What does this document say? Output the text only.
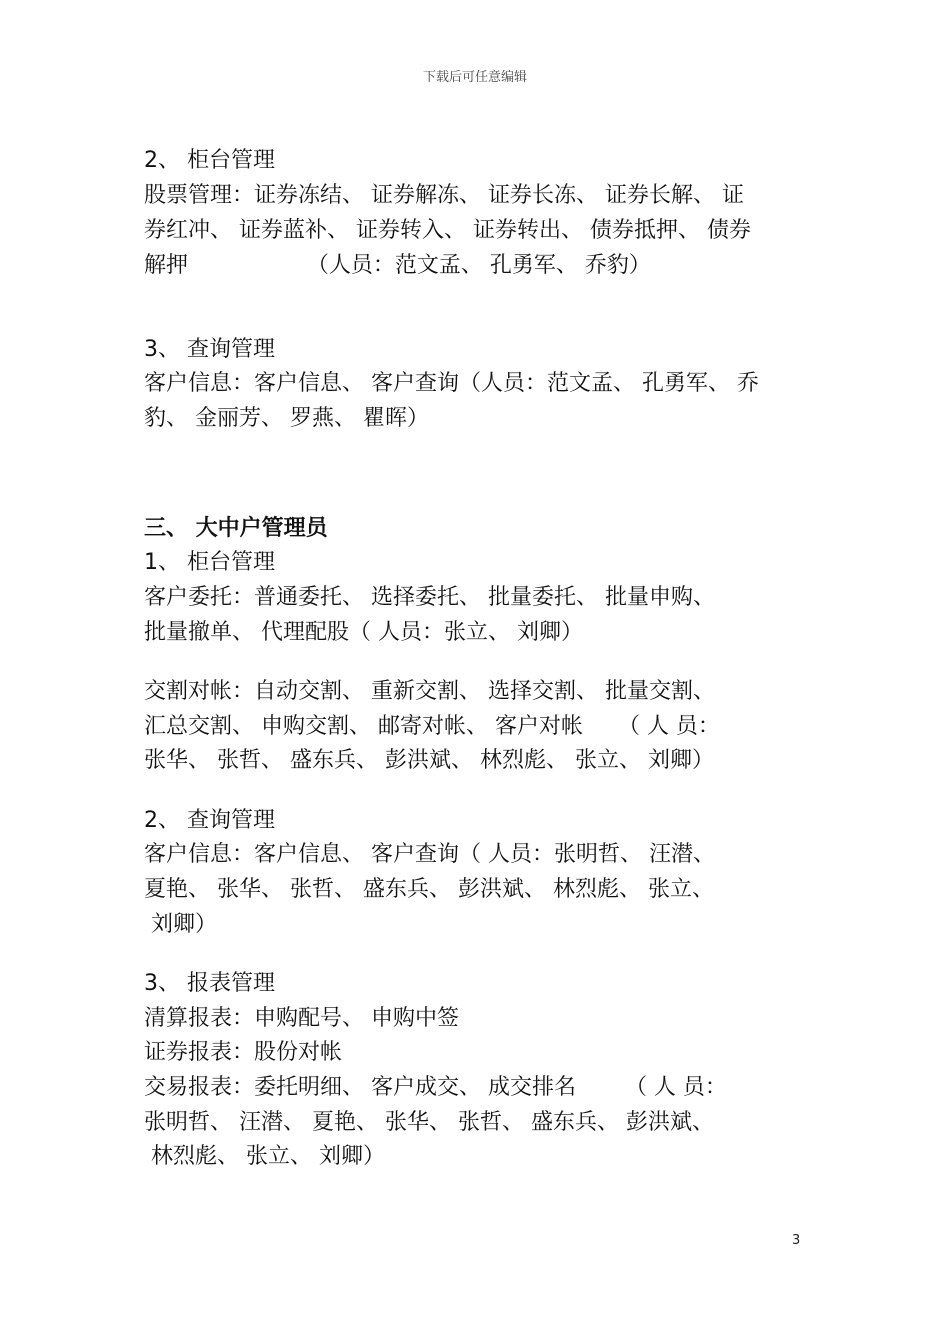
下载后可任意编辑
2、 柜台管理
股票管理：证券冻结、 证券解冻、 证券长冻、 证券长解、 证
券红冲、 证券蓝补、 证券转入、 证券转出、 债券抵押、 债券
解押                 （人员：范文孟、 孔勇军、 乔豹）
3、 查询管理
客户信息：客户信息、 客户查询（人员：范文孟、 孔勇军、 乔
豹、 金丽芳、 罗燕、 瞿晖）
三、 大中户管理员
1、 柜台管理
客户委托：普通委托、 选择委托、 批量委托、 批量申购、
批量撤单、 代理配股（ 人员：张立、 刘卿）
交割对帐：自动交割、 重新交割、 选择交割、 批量交割、
汇总交割、 申购交割、 邮寄对帐、 客户对帐     （ 人 员：
张华、 张哲、 盛东兵、 彭洪斌、 林烈彪、 张立、 刘卿）
2、 查询管理
客户信息：客户信息、 客户查询（ 人员：张明哲、 汪潜、
夏艳、 张华、 张哲、 盛东兵、 彭洪斌、 林烈彪、 张立、
刘卿）
3、 报表管理
清算报表：申购配号、 申购中签
证券报表：股份对帐
交易报表：委托明细、 客户成交、 成交排名       （ 人 员：
张明哲、 汪潜、 夏艳、 张华、 张哲、 盛东兵、 彭洪斌、
林烈彪、 张立、 刘卿）
3
